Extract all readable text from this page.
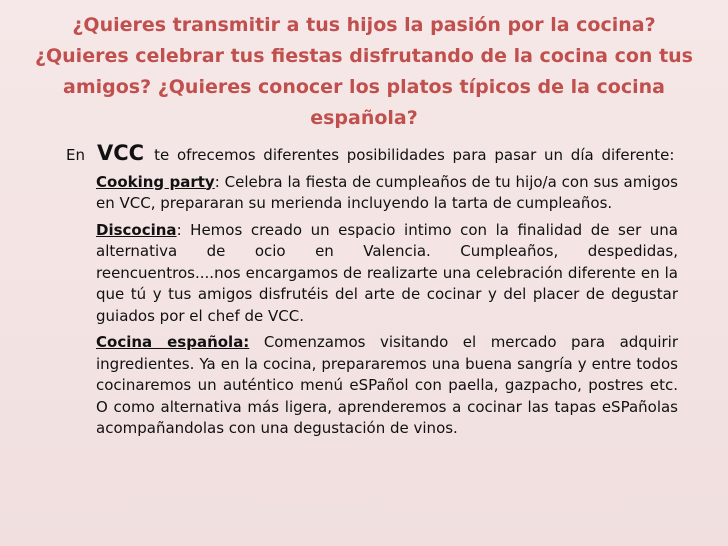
¿Quieres transmitir a tus hijos la pasión por la cocina?¿Quieres celebrar tus fiestas disfrutando de la cocina con tus amigos? ¿Quieres conocer los platos típicos de la cocina española?
En VCC te ofrecemos diferentes posibilidades para pasar un día diferente:
Cooking party: Celebra la fiesta de cumpleaños de tu hijo/a con sus amigos en VCC, prepararan su merienda incluyendo la tarta de cumpleaños.
Discocina: Hemos creado un espacio intimo con la finalidad de ser una alternativa de ocio en Valencia. Cumpleaños, despedidas, reencuentros....nos encargamos de realizarte una celebración diferente en la que tú y tus amigos disfrutéis del arte de cocinar y del placer de degustar guiados por el chef de VCC.
Cocina española: Comenzamos visitando el mercado para adquirir ingredientes. Ya en la cocina, prepararemos una buena sangría y entre todos cocinaremos un auténtico menú eSPañol con paella, gazpacho, postres etc. O como alternativa más ligera, aprenderemos a cocinar las tapas eSPañolas acompañandolas con una degustación de vinos.
